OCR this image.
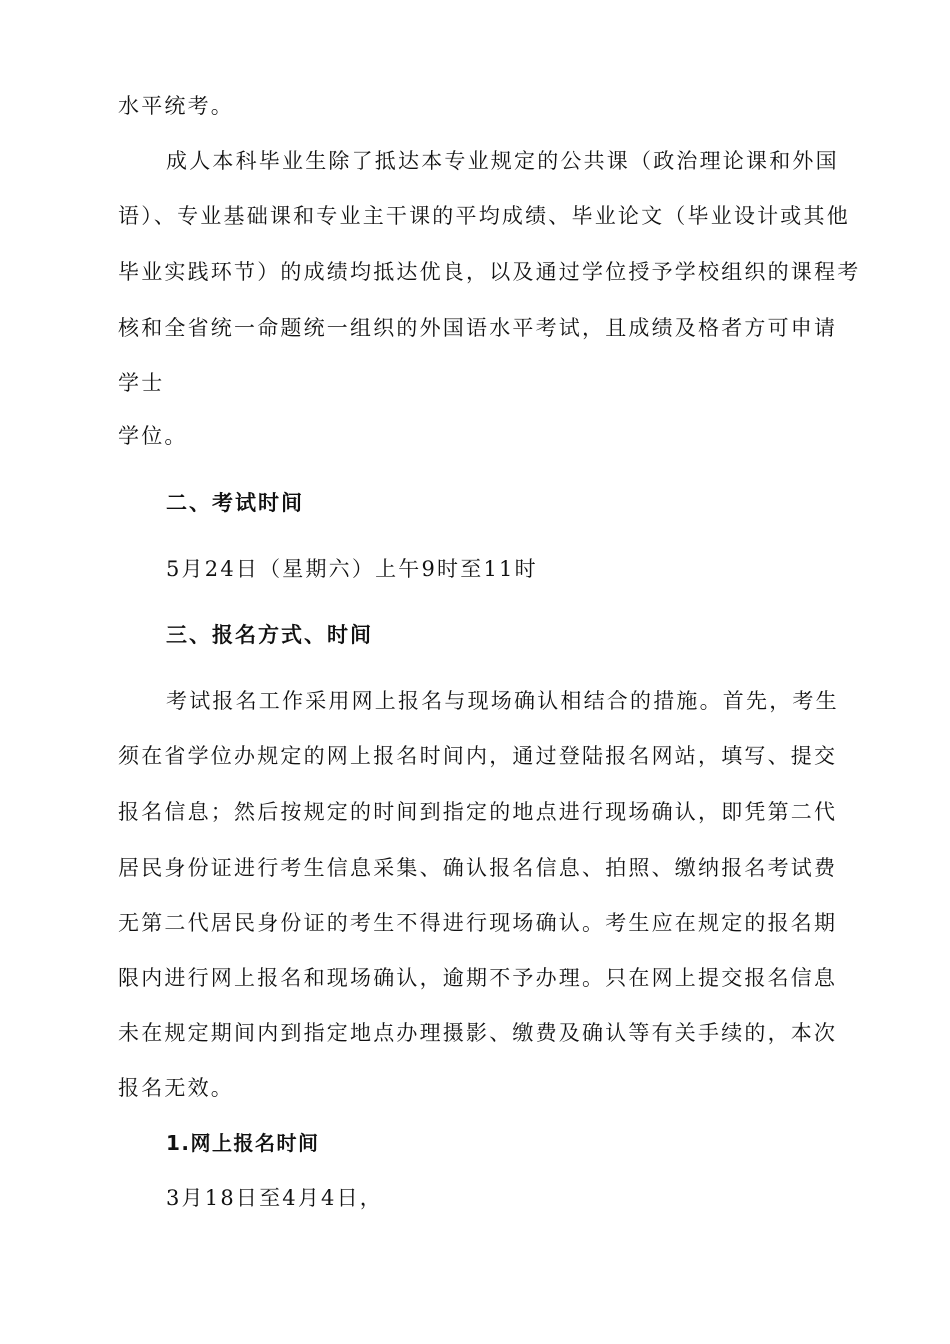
水平统考。
成人本科毕业生除了抵达本专业规定的公共课（政治理论课和外国
语）、专业基础课和专业主干课的平均成绩、毕业论文（毕业设计或其他
毕业实践环节）的成绩均抵达优良，以及通过学位授予学校组织的课程考
核和全省统一命题统一组织的外国语水平考试，且成绩及格者方可申请
学士
学位。
二、考试时间
5月24日（星期六）上午9时至11时
三、报名方式、时间
考试报名工作采用网上报名与现场确认相结合的措施。首先，考生
须在省学位办规定的网上报名时间内，通过登陆报名网站，填写、提交
报名信息；然后按规定的时间到指定的地点进行现场确认，即凭第二代
居民身份证进行考生信息采集、确认报名信息、拍照、缴纳报名考试费
无第二代居民身份证的考生不得进行现场确认。考生应在规定的报名期
限内进行网上报名和现场确认，逾期不予办理。只在网上提交报名信息
未在规定期间内到指定地点办理摄影、缴费及确认等有关手续的，本次
报名无效。
1.网上报名时间
3月18日至4月4日，
